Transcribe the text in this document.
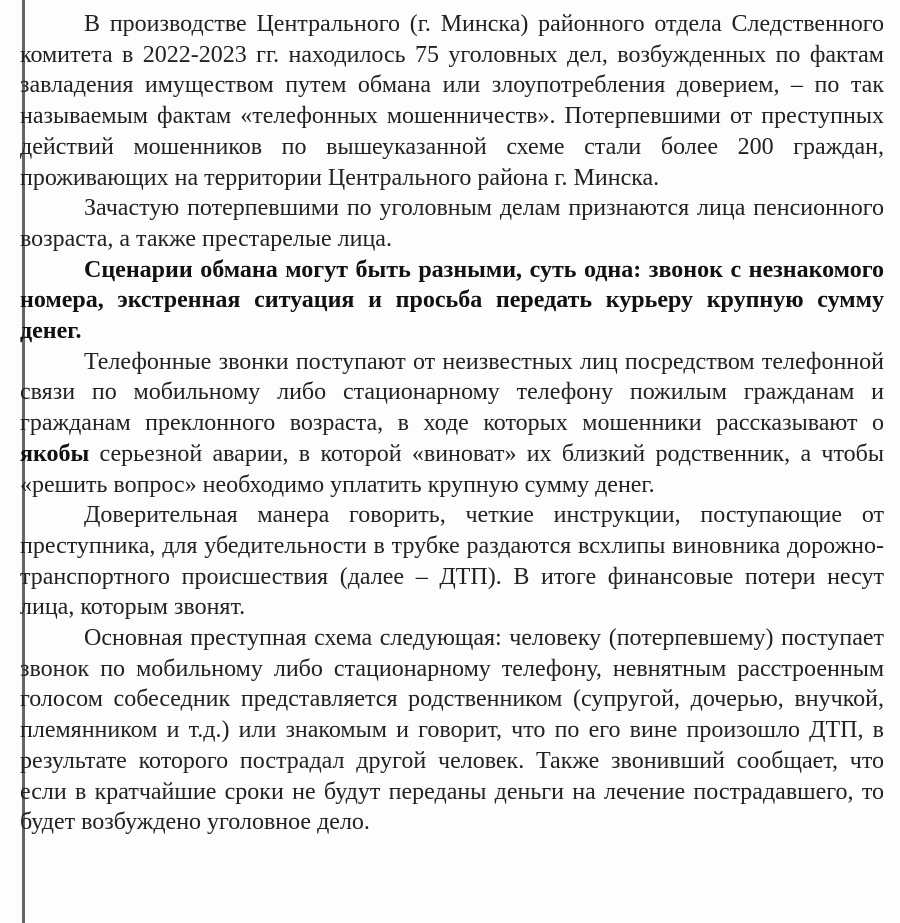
В производстве Центрального (г. Минска) районного отдела Следственного комитета в 2022-2023 гг. находилось 75 уголовных дел, возбужденных по фактам завладения имуществом путем обмана или злоупотребления доверием, – по так называемым фактам «телефонных мошенничеств». Потерпевшими от преступных действий мошенников по вышеуказанной схеме стали более 200 граждан, проживающих на территории Центрального района г. Минска.

Зачастую потерпевшими по уголовным делам признаются лица пенсионного возраста, а также престарелые лица.

Сценарии обмана могут быть разными, суть одна: звонок с незнакомого номера, экстренная ситуация и просьба передать курьеру крупную сумму денег.

Телефонные звонки поступают от неизвестных лиц посредством телефонной связи по мобильному либо стационарному телефону пожилым гражданам и гражданам преклонного возраста, в ходе которых мошенники рассказывают о якобы серьезной аварии, в которой «виноват» их близкий родственник, а чтобы «решить вопрос» необходимо уплатить крупную сумму денег.

Доверительная манера говорить, четкие инструкции, поступающие от преступника, для убедительности в трубке раздаются всхлипы виновника дорожно-транспортного происшествия (далее – ДТП). В итоге финансовые потери несут лица, которым звонят.

Основная преступная схема следующая: человеку (потерпевшему) поступает звонок по мобильному либо стационарному телефону, невнятным расстроенным голосом собеседник представляется родственником (супругой, дочерью, внучкой, племянником и т.д.) или знакомым и говорит, что по его вине произошло ДТП, в результате которого пострадал другой человек. Также звонивший сообщает, что если в кратчайшие сроки не будут переданы деньги на лечение пострадавшего, то будет возбуждено уголовное дело.
